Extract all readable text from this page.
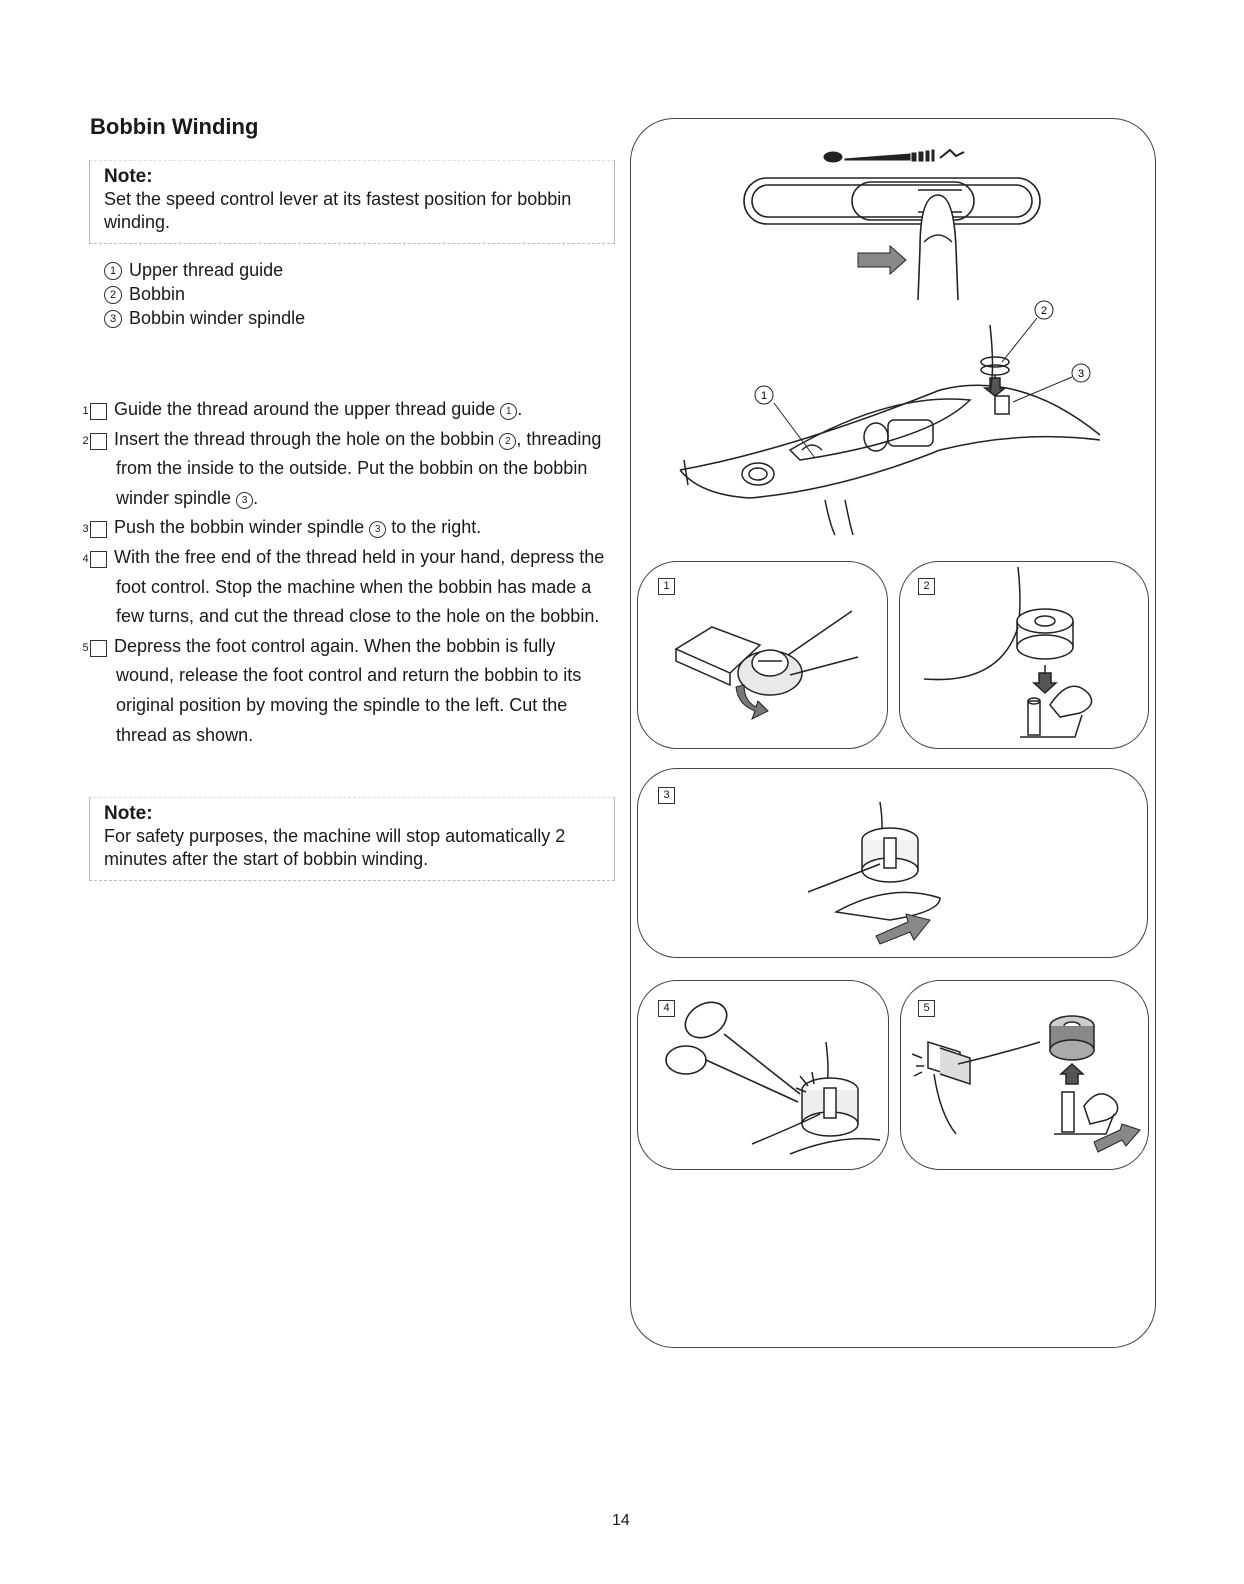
Bobbin Winding
Note:
Set the speed control lever at its fastest position for bobbin winding.
1 Upper thread guide
2 Bobbin
3 Bobbin winder spindle
1 Guide the thread around the upper thread guide 1 .
2 Insert the thread through the hole on the bobbin 2 , threading from the inside to the outside. Put the bobbin on the bobbin winder spindle 3 .
3 Push the bobbin winder spindle 3 to the right.
4 With the free end of the thread held in your hand, depress the foot control. Stop the machine when the bobbin has made a few turns, and cut the thread close to the hole on the bobbin.
5 Depress the foot control again. When the bobbin is fully wound, release the foot control and return the bobbin to its original position by moving the spindle to the left. Cut the thread as shown.
Note:
For safety purposes, the machine will stop automatically 2 minutes after the start of bobbin winding.
14
1
2
3
1	2
3
4	5
